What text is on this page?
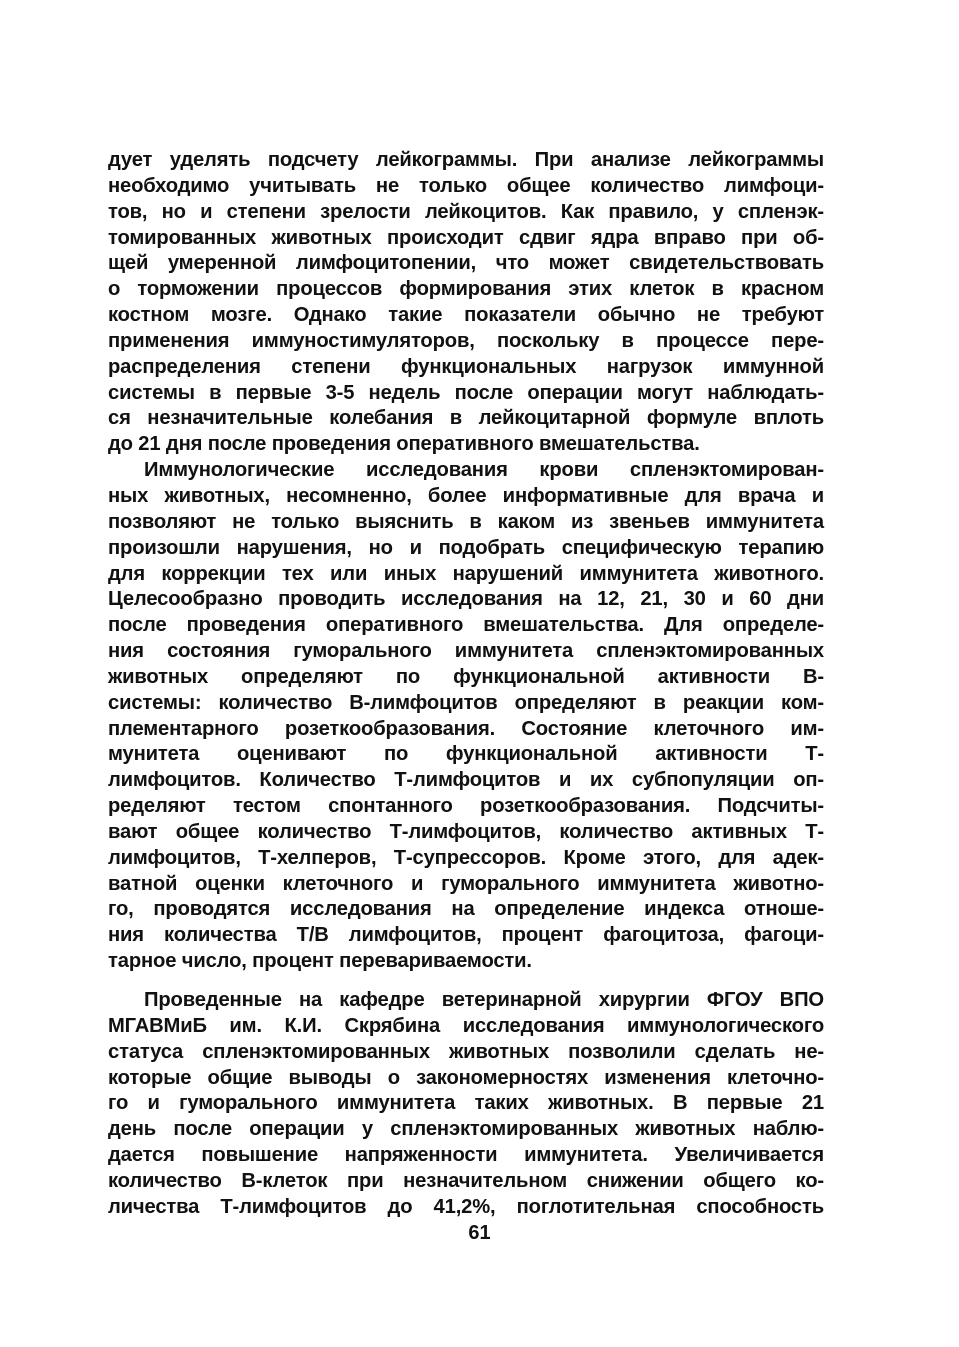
дует уделять подсчету лейкограммы. При анализе лейкограммы
необходимо учитывать не только общее количество лимфоци-
тов, но и степени зрелости лейкоцитов. Как правило, у спленэк-
томированных животных происходит сдвиг ядра вправо при об-
щей умеренной лимфоцитопении, что может свидетельствовать
о торможении процессов формирования этих клеток в красном
костном мозге. Однако такие показатели обычно не требуют
применения иммуностимуляторов, поскольку в процессе пере-
распределения степени функциональных нагрузок иммунной
системы в первые 3-5 недель после операции могут наблюдать-
ся незначительные колебания в лейкоцитарной формуле вплоть
до 21 дня после проведения оперативного вмешательства.
Иммунологические исследования крови спленэктомирован-
ных животных, несомненно, более информативные для врача и
позволяют не только выяснить в каком из звеньев иммунитета
произошли нарушения, но и подобрать специфическую терапию
для коррекции тех или иных нарушений иммунитета животного.
Целесообразно проводить исследования на 12, 21, 30 и 60 дни
после проведения оперативного вмешательства. Для определе-
ния состояния гуморального иммунитета спленэктомированных
животных определяют по функциональной активности В-
системы: количество В-лимфоцитов определяют в реакции ком-
плементарного розеткообразования. Состояние клеточного им-
мунитета оценивают по функциональной активности Т-
лимфоцитов. Количество Т-лимфоцитов и их субпопуляции оп-
ределяют тестом спонтанного розеткообразования. Подсчиты-
вают общее количество Т-лимфоцитов, количество активных Т-
лимфоцитов, Т-хелперов, Т-супрессоров. Кроме этого, для адек-
ватной оценки клеточного и гуморального иммунитета животно-
го, проводятся исследования на определение индекса отноше-
ния количества Т/В лимфоцитов, процент фагоцитоза, фагоци-
тарное число, процент перевариваемости.
Проведенные на кафедре ветеринарной хирургии ФГОУ ВПО
МГАВМиБ им. К.И. Скрябина исследования иммунологического
статуса спленэктомированных животных позволили сделать не-
которые общие выводы о закономерностях изменения клеточно-
го и гуморального иммунитета таких животных. В первые 21
день после операции у спленэктомированных животных наблю-
дается повышение напряженности иммунитета. Увеличивается
количество В-клеток при незначительном снижении общего ко-
личества Т-лимфоцитов до 41,2%, поглотительная способность
61
